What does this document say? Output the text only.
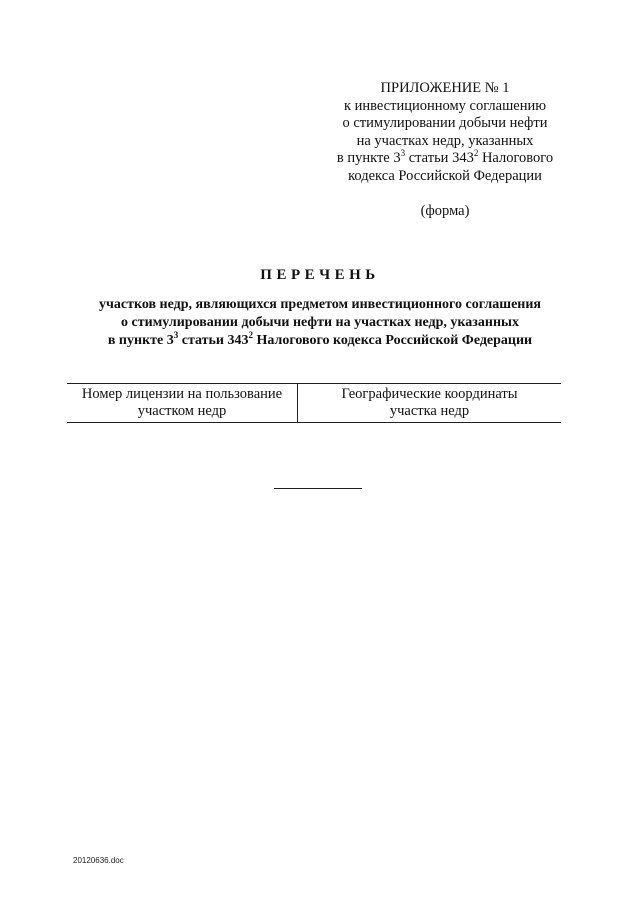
ПРИЛОЖЕНИЕ № 1
к инвестиционному соглашению
о стимулировании добычи нефти
на участках недр, указанных
в пункте $3^3$ статьи $343^2$ Налогового
кодекса Российской Федерации
(форма)
ПЕРЕЧЕНЬ
участков недр, являющихся предметом инвестиционного соглашения
о стимулировании добычи нефти на участках недр, указанных
в пункте $3^3$ статьи $343^2$ Налогового кодекса Российской Федерации
Номер лицензии на пользование
участком недр
Географические координаты
участка недр
20120636.doc
